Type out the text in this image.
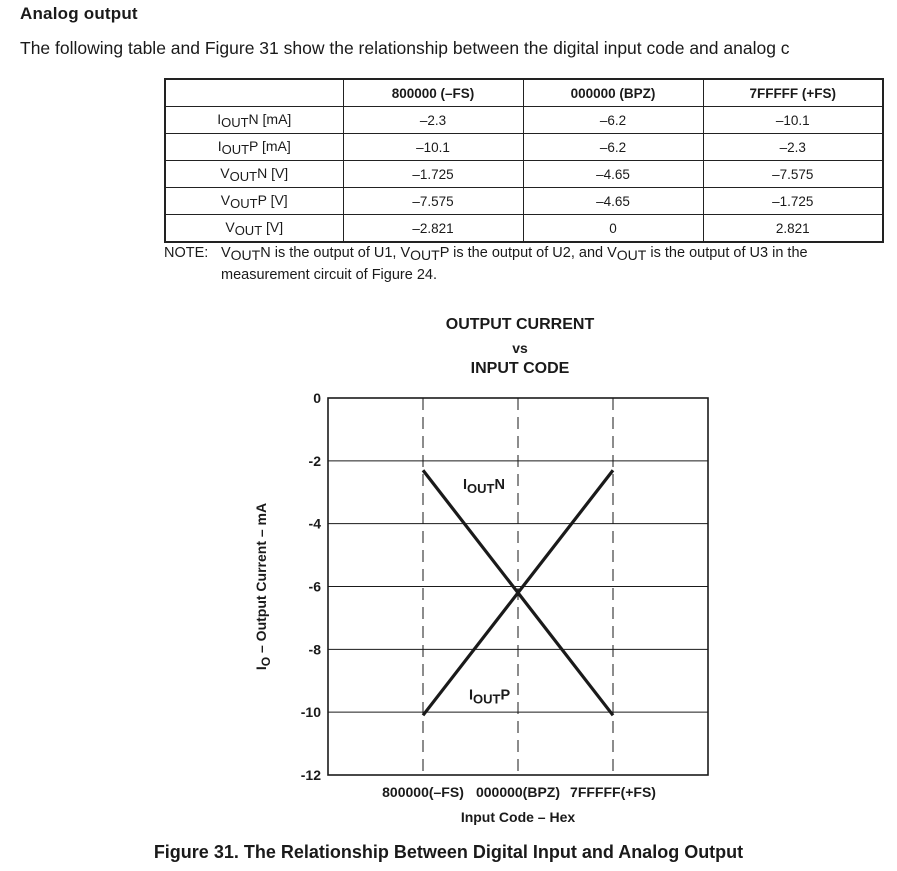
Analog output
The following table and Figure 31 show the relationship between the digital input code and analog c
	800000 (–FS)	000000 (BPZ)	7FFFFF (+FS)
$I_{OUT}N$ [mA]	–2.3	–6.2	–10.1
$I_{OUT}P$ [mA]	–10.1	–6.2	–2.3
$V_{OUT}N$ [V]	–1.725	–4.65	–7.575
$V_{OUT}P$ [V]	–7.575	–4.65	–1.725
$V_{OUT}$ [V]	–2.821	0	2.821
NOTE: $V_{OUT}N$ is the output of U1, $V_{OUT}P$ is the output of U2, and $V_{OUT}$ is the output of U3 in the measurement circuit of Figure 24.
OUTPUT CURRENT
vs
INPUT CODE
0
-2
-4
-6
-8
-10
-12
800000(–FS) 000000(BPZ) 7FFFFF(+FS)
Input Code – Hex
IO – Output Current – mA
IOUTN
IOUTP
Figure 31. The Relationship Between Digital Input and Analog Output
